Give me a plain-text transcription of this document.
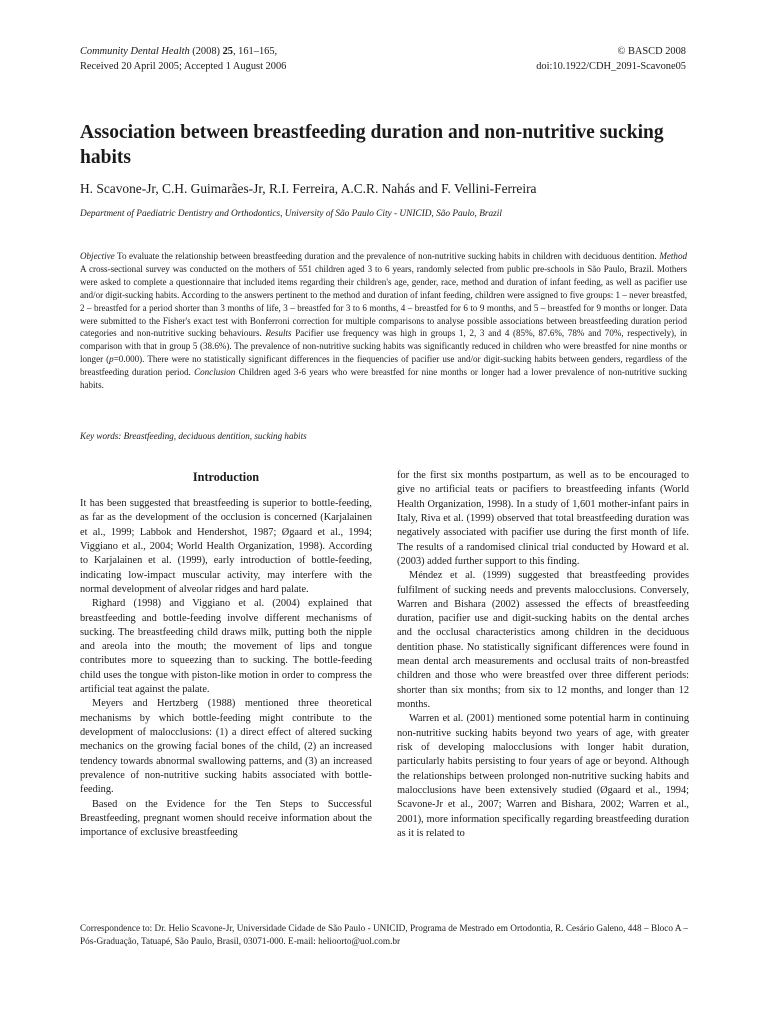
Community Dental Health (2008) 25, 161–165,
Received 20 April 2005; Accepted 1 August 2006
© BASCD 2008
doi:10.1922/CDH_2091-Scavone05
Association between breastfeeding duration and non-nutritive sucking habits
H. Scavone-Jr, C.H. Guimarães-Jr, R.I. Ferreira, A.C.R. Nahás and F. Vellini-Ferreira
Department of Paediatric Dentistry and Orthodontics, University of São Paulo City - UNICID, São Paulo, Brazil
Objective To evaluate the relationship between breastfeeding duration and the prevalence of non-nutritive sucking habits in children with deciduous dentition. Method A cross-sectional survey was conducted on the mothers of 551 children aged 3 to 6 years, randomly selected from public pre-schools in São Paulo, Brazil. Mothers were asked to complete a questionnaire that included items regarding their children's age, gender, race, method and duration of infant feeding, as well as pacifier use and/or digit-sucking habits. According to the answers pertinent to the method and duration of infant feeding, children were assigned to five groups: 1 – never breastfed, 2 – breastfed for a period shorter than 3 months of life, 3 – breastfed for 3 to 6 months, 4 – breastfed for 6 to 9 months, and 5 – breastfed for 9 months or longer. Data were submitted to the Fisher's exact test with Bonferroni correction for multiple comparisons to analyse possible associations between breastfeeding duration period categories and non-nutritive sucking behaviours. Results Pacifier use frequency was high in groups 1, 2, 3 and 4 (85%, 87.6%, 78% and 70%, respectively), in comparison with that in group 5 (38.6%). The prevalence of non-nutritive sucking habits was significantly reduced in children who were breastfed for nine months or longer (p=0.000). There were no statistically significant differences in the fiequencies of pacifier use and/or digit-sucking habits between genders, regardless of the breastfeeding duration period. Conclusion Children aged 3-6 years who were breastfed for nine months or longer had a lower prevalence of non-nutritive sucking habits.
Key words: Breastfeeding, deciduous dentition, sucking habits
Introduction

It has been suggested that breastfeeding is superior to bottle-feeding, as far as the development of the occlusion is concerned (Karjalainen et al., 1999; Labbok and Hendershot, 1987; Øgaard et al., 1994; Viggiano et al., 2004; World Health Organization, 1998). According to Karjalainen et al. (1999), early introduction of bottle-feeding, indicating low-impact muscular activity, may interfere with the normal development of alveolar ridges and hard palate.

Righard (1998) and Viggiano et al. (2004) explained that breastfeeding and bottle-feeding involve different mechanisms of sucking. The breastfeeding child draws milk, putting both the nipple and areola into the mouth; the movement of lips and tongue contributes more to squeezing than to sucking. The bottle-feeding child uses the tongue with piston-like motion in order to compress the artificial teat against the palate.

Meyers and Hertzberg (1988) mentioned three theoretical mechanisms by which bottle-feeding might contribute to the development of malocclusions: (1) a direct effect of altered sucking mechanics on the growing facial bones of the child, (2) an increased tendency towards abnormal swallowing patterns, and (3) an increased prevalence of non-nutritive sucking habits associated with bottle-feeding.

Based on the Evidence for the Ten Steps to Successful Breastfeeding, pregnant women should receive information about the importance of exclusive breastfeeding

for the first six months postpartum, as well as to be encouraged to give no artificial teats or pacifiers to breastfeeding infants (World Health Organization, 1998). In a study of 1,601 mother-infant pairs in Italy, Riva et al. (1999) observed that total breastfeeding duration was negatively associated with pacifier use during the first month of life. The results of a randomised clinical trial conducted by Howard et al. (2003) added further support to this finding.

Méndez et al. (1999) suggested that breastfeeding provides fulfilment of sucking needs and prevents malocclusions. Conversely, Warren and Bishara (2002) assessed the effects of breastfeeding duration, pacifier use and digit-sucking habits on the dental arches and the occlusal characteristics among children in the deciduous dentition phase. No statistically significant differences were found in mean dental arch measurements and occlusal traits of non-breastfed children and those who were breastfed over three different periods: shorter than six months; from six to 12 months, and longer than 12 months.

Warren et al. (2001) mentioned some potential harm in continuing non-nutritive sucking habits beyond two years of age, with greater risk of developing malocclusions with longer habit duration, particularly habits persisting to four years of age or beyond. Although the relationships between prolonged non-nutritive sucking habits and malocclusions have been extensively studied (Øgaard et al., 1994; Scavone-Jr et al., 2007; Warren and Bishara, 2002; Warren et al., 2001), more information specifically regarding breastfeeding duration as it is related to

Correspondence to: Dr. Helio Scavone-Jr, Universidade Cidade de São Paulo - UNICID, Programa de Mestrado em Ortodontia, R. Cesário Galeno, 448 – Bloco A – Pós-Graduação, Tatuapé, São Paulo, Brasil, 03071-000. E-mail: helioorto@uol.com.br
